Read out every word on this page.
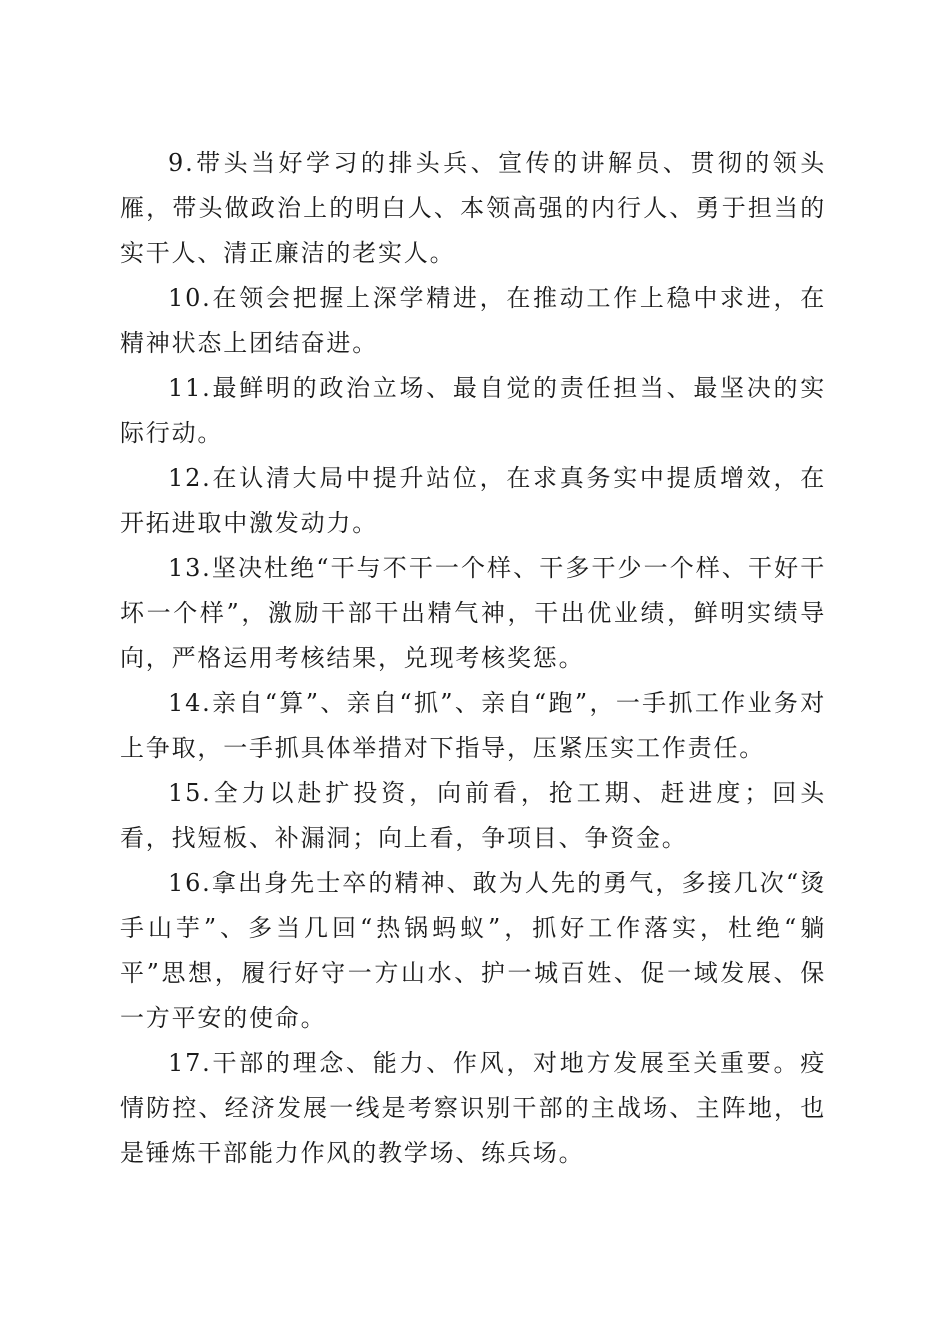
9.带头当好学习的排头兵、宣传的讲解员、贯彻的领头雁，带头做政治上的明白人、本领高强的内行人、勇于担当的实干人、清正廉洁的老实人。

10.在领会把握上深学精进，在推动工作上稳中求进，在精神状态上团结奋进。

11.最鲜明的政治立场、最自觉的责任担当、最坚决的实际行动。

12.在认清大局中提升站位，在求真务实中提质增效，在开拓进取中激发动力。

13.坚决杜绝“干与不干一个样、干多干少一个样、干好干坏一个样”，激励干部干出精气神，干出优业绩，鲜明实绩导向，严格运用考核结果，兑现考核奖惩。

14.亲自“算”、亲自“抓”、亲自“跑”，一手抓工作业务对上争取，一手抓具体举措对下指导，压紧压实工作责任。

15.全力以赴扩投资，向前看，抢工期、赶进度；回头看，找短板、补漏洞；向上看，争项目、争资金。

16.拿出身先士卒的精神、敢为人先的勇气，多接几次“烫手山芋”、多当几回“热锅蚂蚁”，抓好工作落实，杜绝“躺平”思想，履行好守一方山水、护一城百姓、促一域发展、保一方平安的使命。

17.干部的理念、能力、作风，对地方发展至关重要。疫情防控、经济发展一线是考察识别干部的主战场、主阵地，也是锤炼干部能力作风的教学场、练兵场。
